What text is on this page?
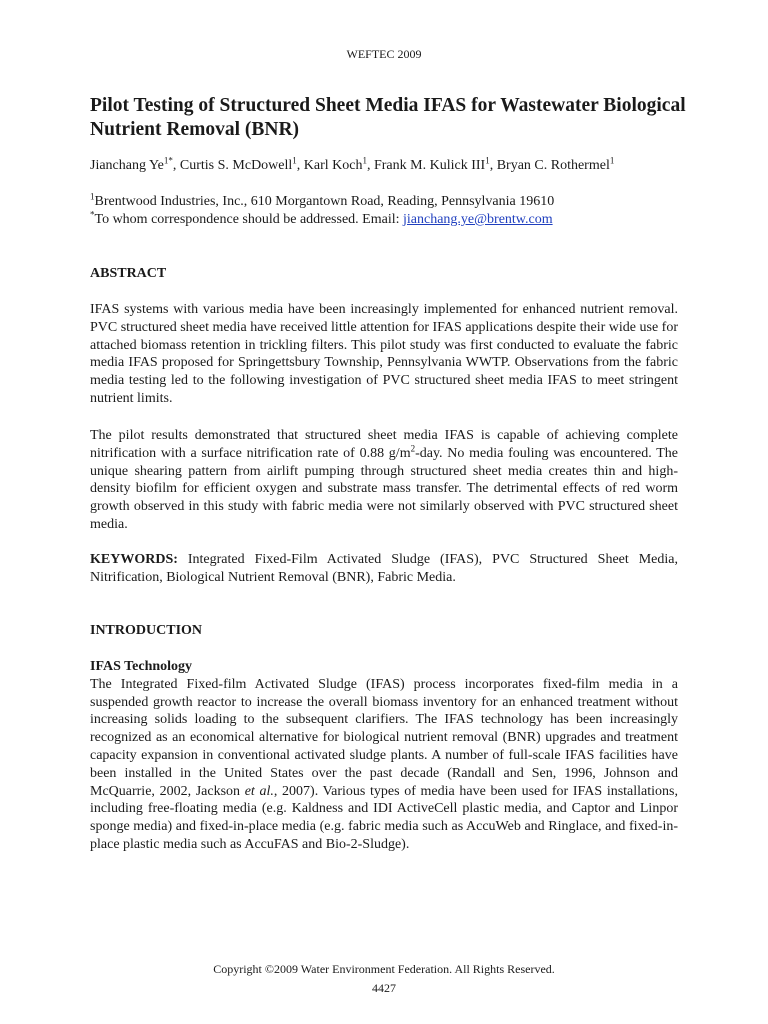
WEFTEC 2009
Pilot Testing of Structured Sheet Media IFAS for Wastewater Biological Nutrient Removal (BNR)
Jianchang $Ye^{1*}$, Curtis S. McDowell$^1$, Karl Koch$^1$, Frank M. Kulick III$^1$, Bryan C. Rothermel$^1$
$^1$Brentwood Industries, Inc., 610 Morgantown Road, Reading, Pennsylvania 19610
*To whom correspondence should be addressed. Email: jianchang.ye@brentw.com
ABSTRACT

IFAS systems with various media have been increasingly implemented for enhanced nutrient removal. PVC structured sheet media have received little attention for IFAS applications despite their wide use for attached biomass retention in trickling filters. This pilot study was first conducted to evaluate the fabric media IFAS proposed for Springettsbury Township, Pennsylvania WWTP. Observations from the fabric media testing led to the following investigation of PVC structured sheet media IFAS to meet stringent nutrient limits.

The pilot results demonstrated that structured sheet media IFAS is capable of achieving complete nitrification with a surface nitrification rate of 0.88 $g/m^2$-day. No media fouling was encountered. The unique shearing pattern from airlift pumping through structured sheet media creates thin and high-density biofilm for efficient oxygen and substrate mass transfer. The detrimental effects of red worm growth observed in this study with fabric media were not similarly observed with PVC structured sheet media.

KEYWORDS: Integrated Fixed-Film Activated Sludge (IFAS), PVC Structured Sheet Media, Nitrification, Biological Nutrient Removal (BNR), Fabric Media.

INTRODUCTION

IFAS Technology
The Integrated Fixed-film Activated Sludge (IFAS) process incorporates fixed-film media in a suspended growth reactor to increase the overall biomass inventory for an enhanced treatment without increasing solids loading to the subsequent clarifiers. The IFAS technology has been increasingly recognized as an economical alternative for biological nutrient removal (BNR) upgrades and treatment capacity expansion in conventional activated sludge plants. A number of full-scale IFAS facilities have been installed in the United States over the past decade (Randall and Sen, 1996, Johnson and McQuarrie, 2002, Jackson et al., 2007). Various types of media have been used for IFAS installations, including free-floating media (e.g. Kaldness and IDI ActiveCell plastic media, and Captor and Linpor sponge media) and fixed-in-place media (e.g. fabric media such as AccuWeb and Ringlace, and fixed-in-place plastic media such as AccuFAS and Bio-2-Sludge).

Copyright ©2009 Water Environment Federation. All Rights Reserved.
4427
